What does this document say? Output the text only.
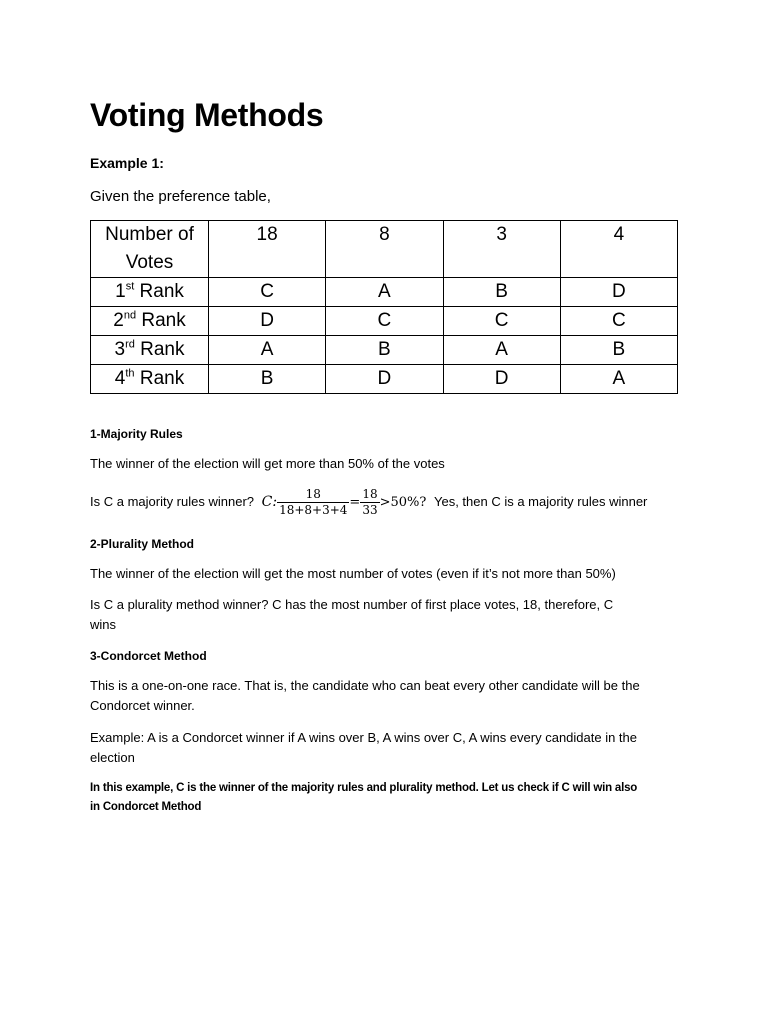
Voting Methods
Example 1:
Given the preference table,
Number of
Votes	18	8	3	4
1st Rank	C	A	B	D
2nd Rank	D	C	C	C
3rd Rank	A	B	A	B
4th Rank	B	D	D	A
1-Majority Rules
The winner of the election will get more than 50% of the votes
Is C a majority rules winner? C: $\frac{18}{18+8+3+4} = \frac{18}{33} >50\%$? Yes, then C is a majority rules winner
2-Plurality Method
The winner of the election will get the most number of votes (even if it’s not more than 50%)
Is C a plurality method winner? C has the most number of first place votes, 18, therefore, C
wins
3-Condorcet Method
This is a one-on-one race. That is, the candidate who can beat every other candidate will be the
Condorcet winner.
Example: A is a Condorcet winner if A wins over B, A wins over C, A wins every candidate in the
election
In this example, C is the winner of the majority rules and plurality method. Let us check if C will win also
in Condorcet Method
